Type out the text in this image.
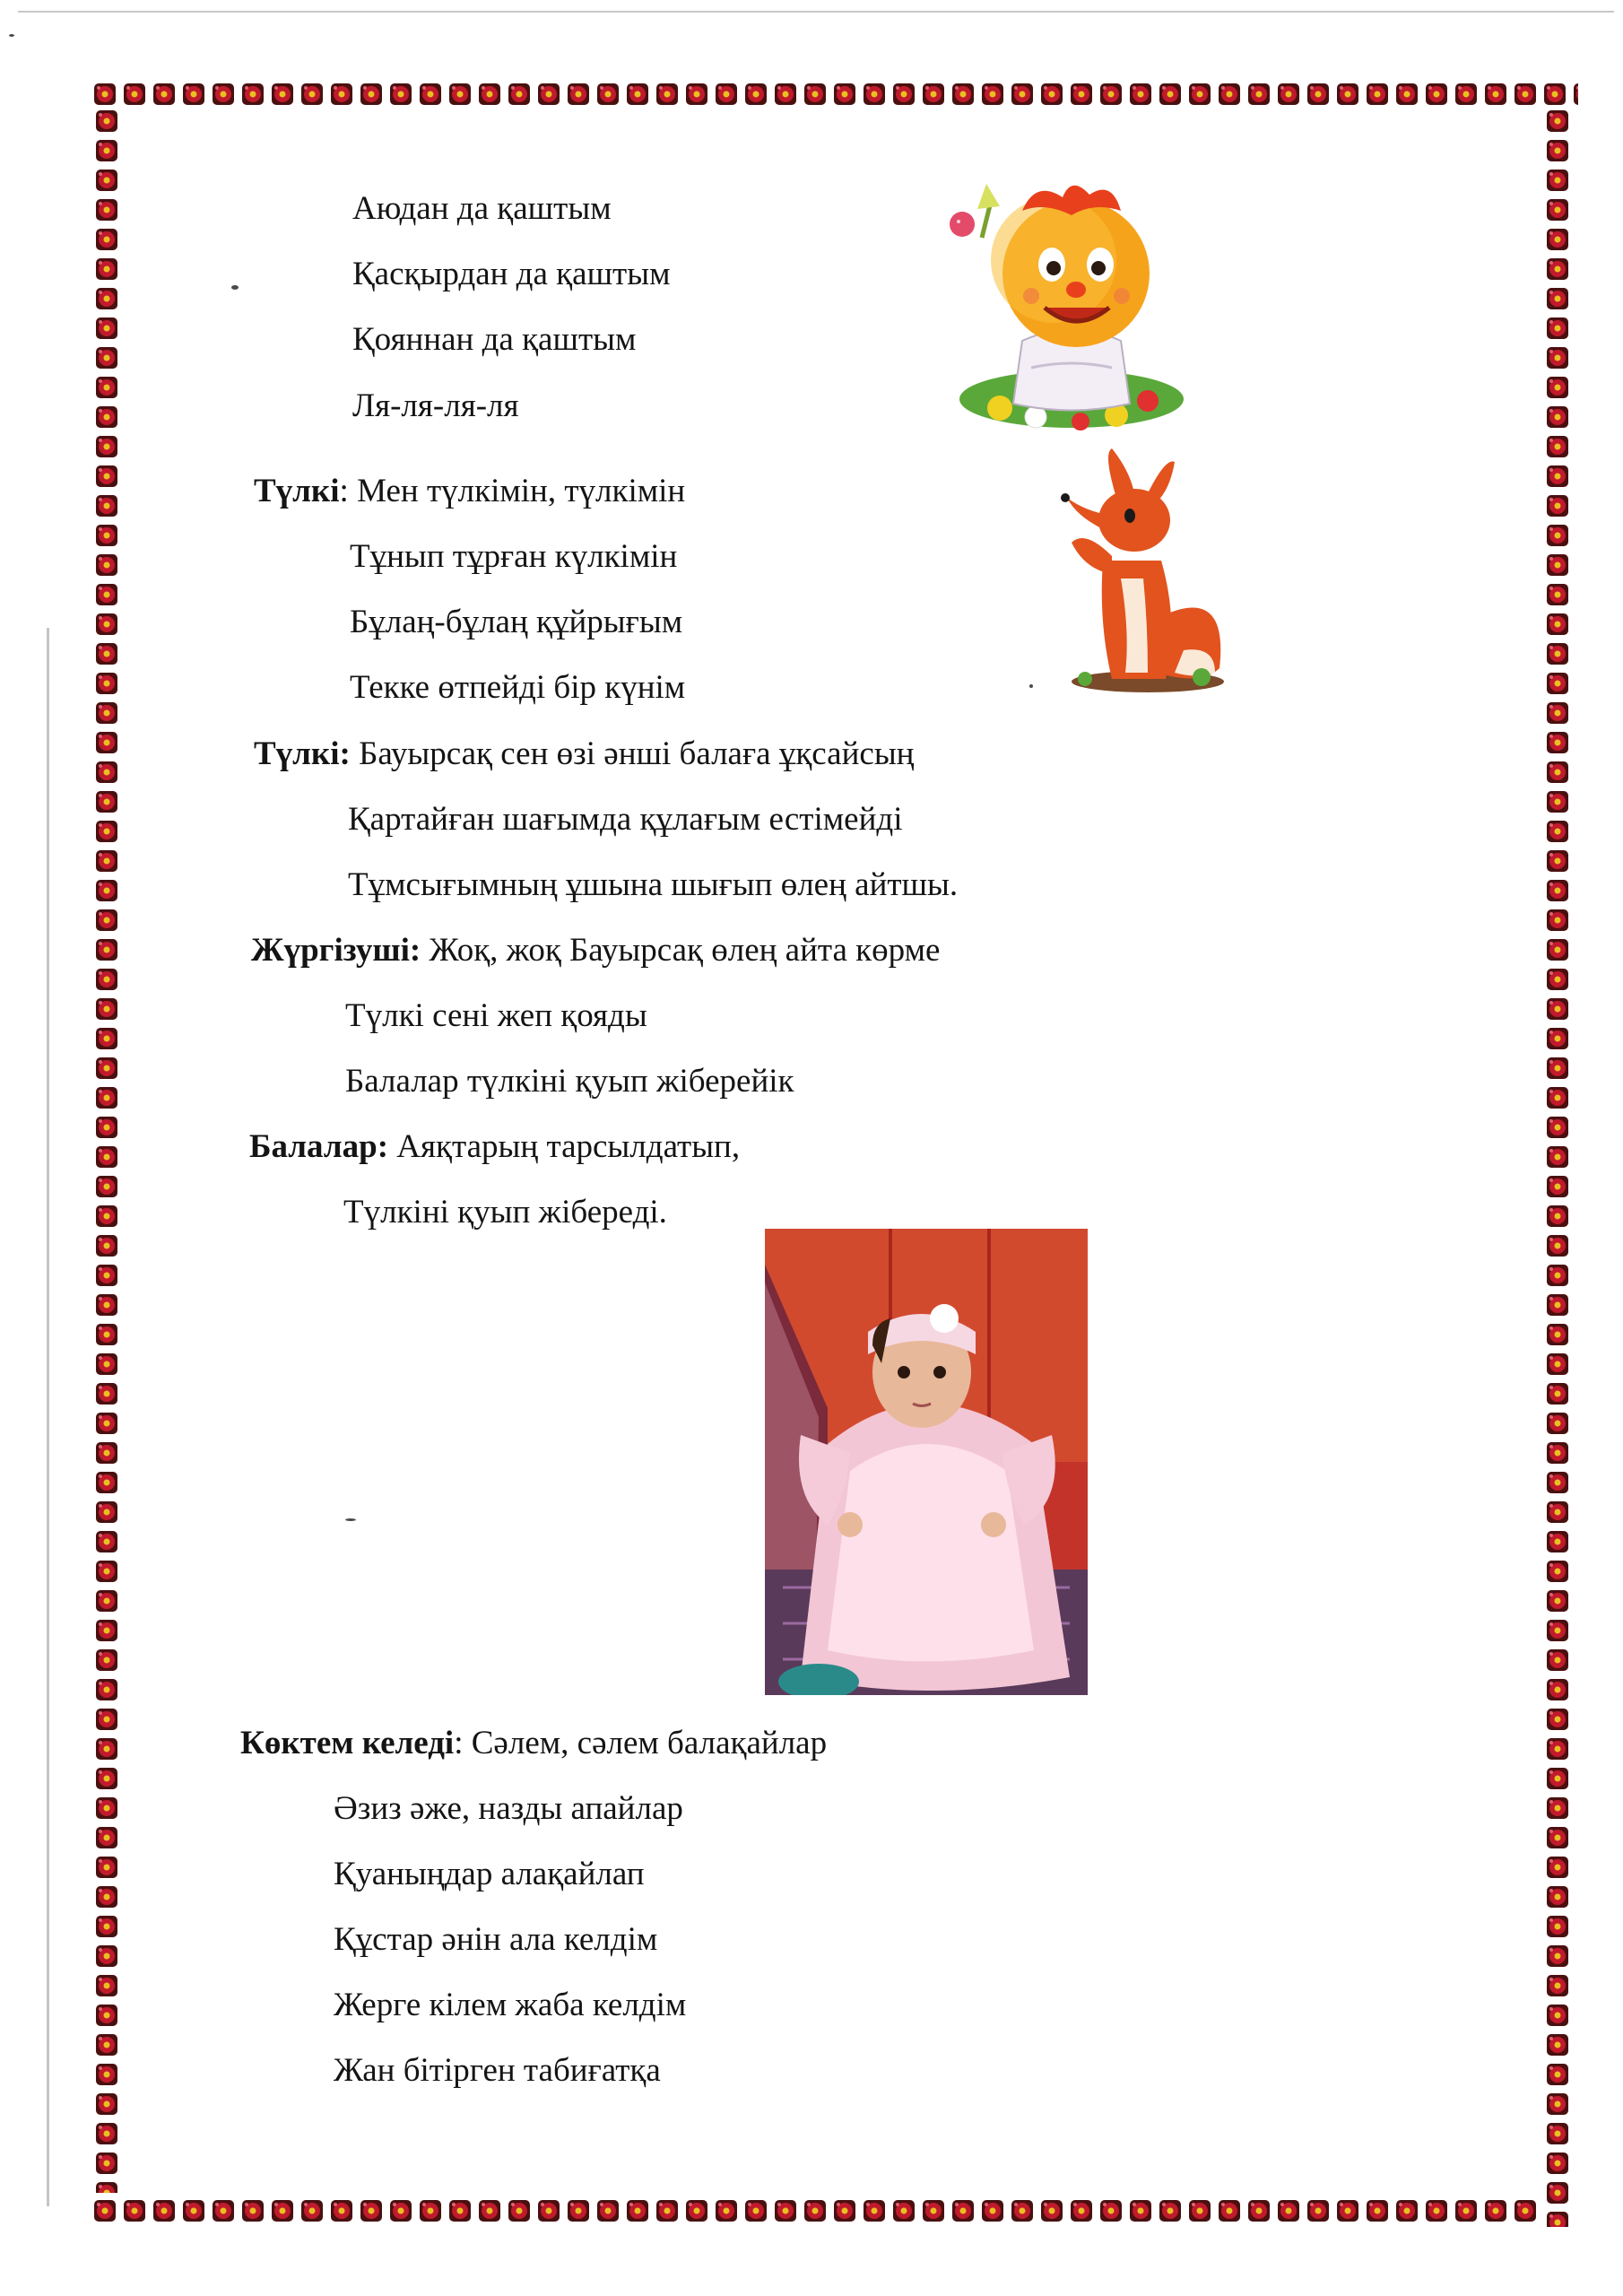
Аюдан да қаштым
Қасқырдан да қаштым
Қояннан да қаштым
Ля-ля-ля-ля
Түлкі: Мен түлкімін, түлкімін
Тұнып тұрған күлкімін
Бұлаң-бұлаң құйрығым
Текке өтпейді бір күнім
Түлкі: Бауырсақ сен өзі әнші балаға ұқсайсың
Қартайған шағымда құлағым естімейді
Тұмсығымның ұшына шығып өлең айтшы.
Жүргізуші: Жоқ, жоқ Бауырсақ өлең айта көрме
Түлкі сені жеп қояды
Балалар түлкіні қуып жіберейік
Балалар: Аяқтарың тарсылдатып,
Түлкіні қуып жібереді.
Көктем келеді: Сәлем, сәлем балақайлар
Әзиз әже, назды апайлар
Қуаныңдар алақайлап
Құстар әнін ала келдім
Жерге кілем жаба келдім
Жан бітірген табиғатқа
